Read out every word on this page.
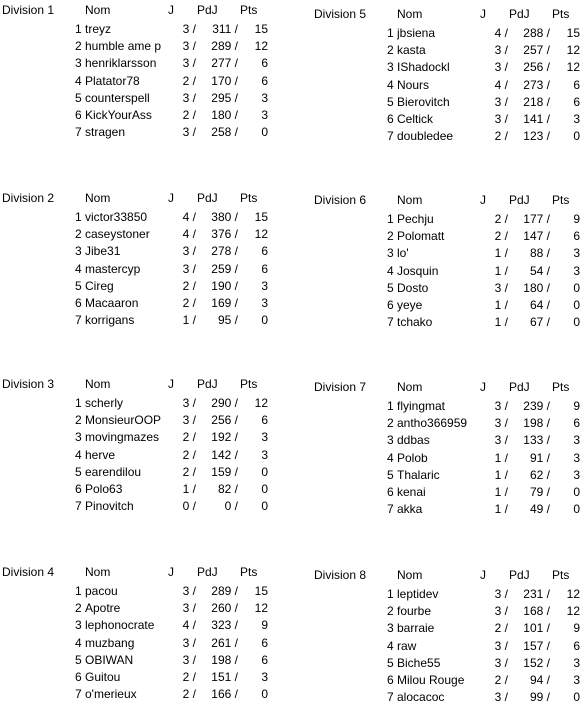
Division 1	Nom	J PdJ Pts
1 treyz	3 /	311 /	15
2 humble ame p	3 /	289 /	12
3 henriklarsson	3 /	277 /	6
4 Platator78	2 /	170 /	6
5 counterspell	3 /	295 /	3
6 KickYourAss	2 /	180 /	3
7 stragen	3 /	258 /	0
Division 5	Nom	J PdJ Pts
1 jbsiena	4 /	288 /	15
2 kasta	3 /	257 /	12
3 IShadockl	3 /	256 /	12
4 Nours	4 /	273 /	6
5 Bierovitch	3 /	218 /	6
6 Celtick	3 /	141 /	3
7 doubledee	2 /	123 /	0
Division 2	Nom	J PdJ Pts
1 victor33850	4 /	380 /	15
2 caseystoner	4 /	376 /	12
3 Jibe31	3 /	278 /	6
4 mastercyp	3 /	259 /	6
5 Cireg	2 /	190 /	3
6 Macaaron	2 /	169 /	3
7 korrigans	1 /	95 /	0
Division 6	Nom	J PdJ Pts
1 Pechju	2 /	177 /	9
2 Polomatt	2 /	147 /	6
3 lo'	1 /	88 /	3
4 Josquin	1 /	54 /	3
5 Dosto	3 /	180 /	0
6 yeye	1 /	64 /	0
7 tchako	1 /	67 /	0
Division 3	Nom	J PdJ Pts
1 scherly	3 /	290 /	12
2 MonsieurOOP	3 /	256 /	6
3 movingmazes	2 /	192 /	3
4 herve	2 /	142 /	3
5 earendilou	2 /	159 /	0
6 Polo63	1 /	82 /	0
7 Pinovitch	0 /	0 /	0
Division 7	Nom	J PdJ Pts
1 flyingmat	3 /	239 /	9
2 antho366959	3 /	198 /	6
3 ddbas	3 /	133 /	3
4 Polob	1 /	91 /	3
5 Thalaric	1 /	62 /	3
6 kenai	1 /	79 /	0
7 akka	1 /	49 /	0
Division 4	Nom	J PdJ Pts
1 pacou	3 /	289 /	15
2 Apotre	3 /	260 /	12
3 lephonocrate	4 /	323 /	9
4 muzbang	3 /	261 /	6
5 OBIWAN	3 /	198 /	6
6 Guitou	2 /	151 /	3
7 o'merieux	2 /	166 /	0
Division 8	Nom	J PdJ Pts
1 leptidev	3 /	231 /	12
2 fourbe	3 /	168 /	12
3 barraie	2 /	101 /	9
4 raw	3 /	157 /	6
5 Biche55	3 /	152 /	3
6 Milou Rouge	2 /	94 /	3
7 alocacoc	3 /	99 /	0
